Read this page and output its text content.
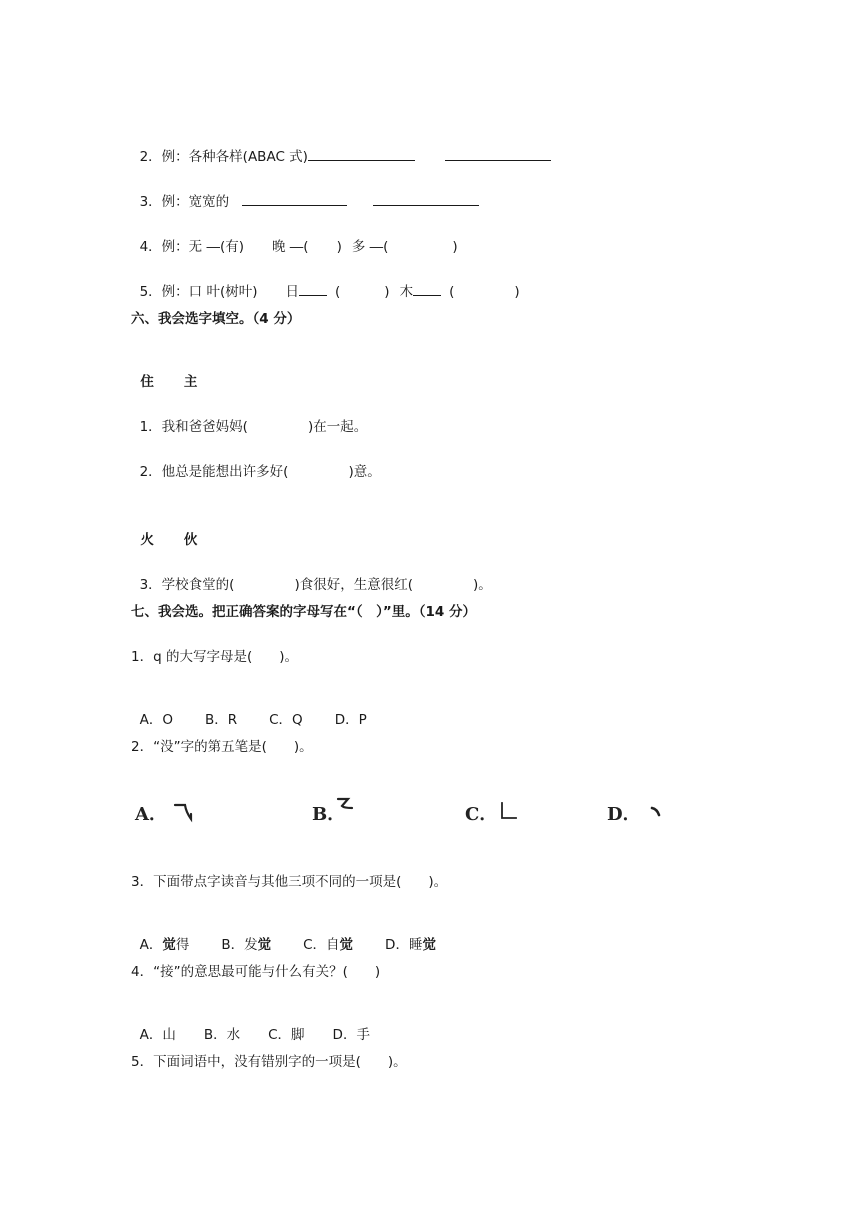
2．例：各种各样(ABAC 式)

3．例：宽宽的

4．例：无 ―(有) 晚 ―( ) 多 ―(	)

5．例：口 叶(树叶) 日	(	) 木	(	)

六、我会选字填空。（4 分）

住 主

1．我和爸爸妈妈(	)在一起。

2．他总是能想出许多好(	)意。

火 伙

3．学校食堂的(	)食很好，生意很红(	)。

七、我会选。把正确答案的字母写在“（　）”里。（14 分）
1．q 的大写字母是(　　)。

A．O B．R C．Q D．P

2．“没”字的第五笔是(　　)。
A．	B．	C．	D．
3．下面带点字读音与其他三项不同的一项是(　　)。

A．觉得 B．发觉 C．自觉 D．睡觉

4．“接”的意思最可能与什么有关？(　　)

A．山 B．水 C．脚 D．手

5．下面词语中，没有错别字的一项是(　　)。
